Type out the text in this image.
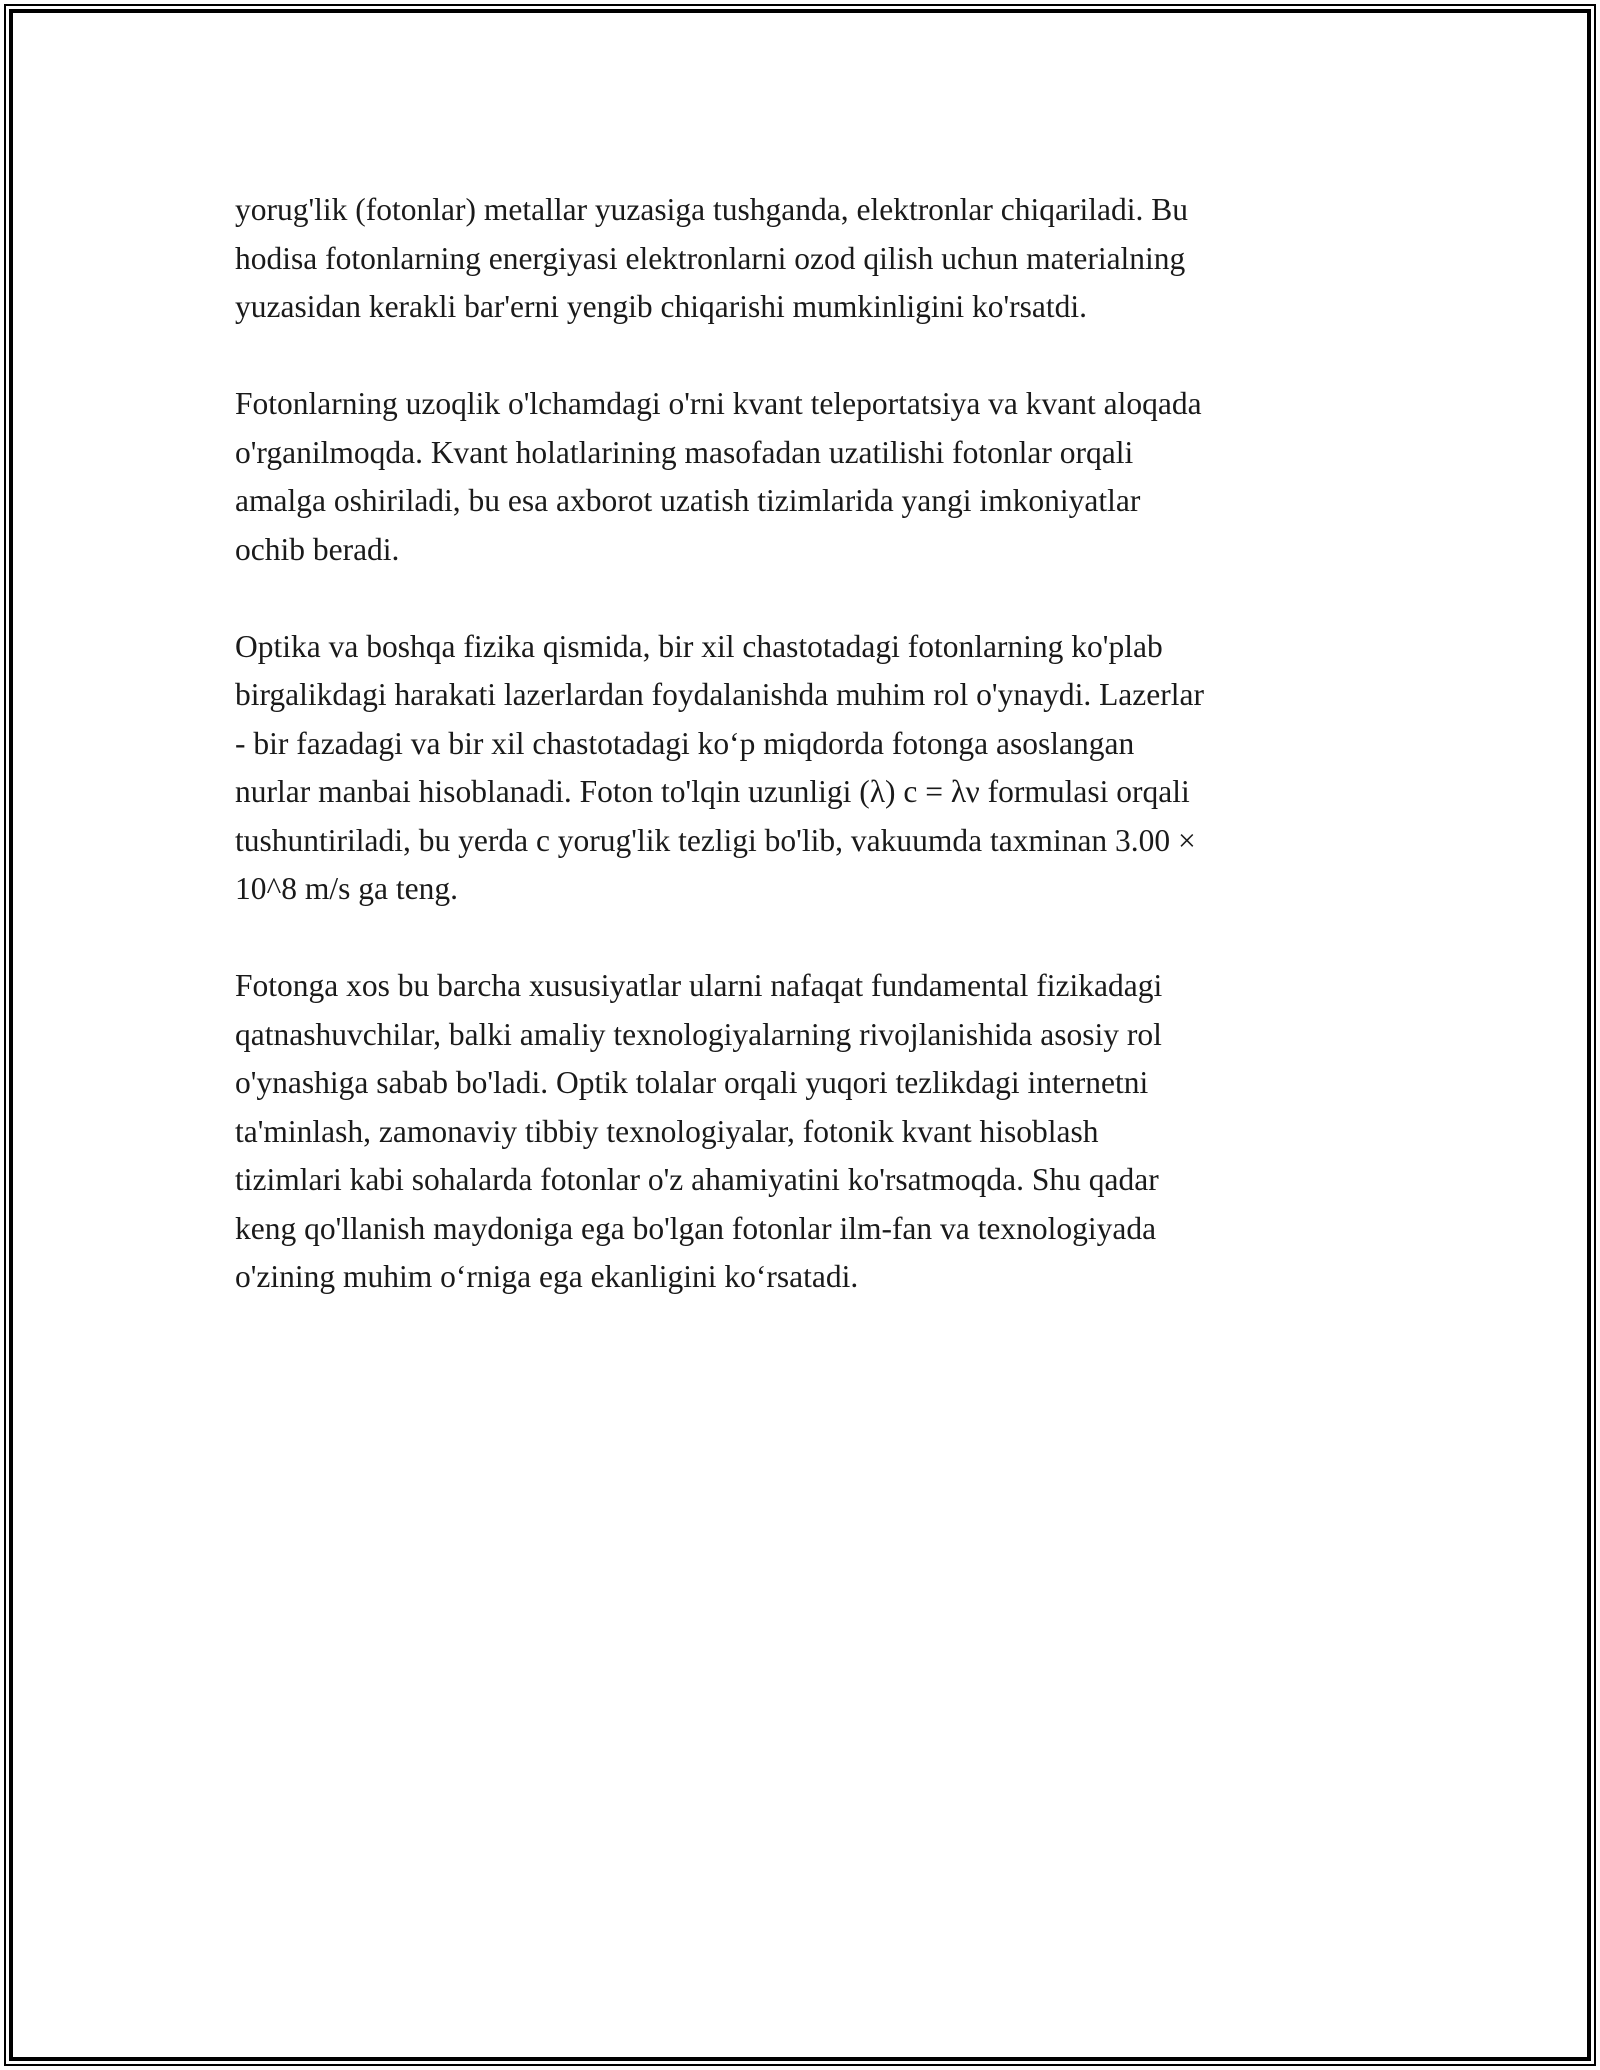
yorug'lik (fotonlar) metallar yuzasiga tushganda, elektronlar chiqariladi. Bu
hodisa fotonlarning energiyasi elektronlarni ozod qilish uchun materialning
yuzasidan kerakli bar'erni yengib chiqarishi mumkinligini ko'rsatdi.

Fotonlarning uzoqlik o'lchamdagi o'rni kvant teleportatsiya va kvant aloqada
o'rganilmoqda. Kvant holatlarining masofadan uzatilishi fotonlar orqali
amalga oshiriladi, bu esa axborot uzatish tizimlarida yangi imkoniyatlar
ochib beradi.

Optika va boshqa fizika qismida, bir xil chastotadagi fotonlarning ko'plab
birgalikdagi harakati lazerlardan foydalanishda muhim rol o'ynaydi. Lazerlar
- bir fazadagi va bir xil chastotadagi ko‘p miqdorda fotonga asoslangan
nurlar manbai hisoblanadi. Foton to'lqin uzunligi (λ) c = λν formulasi orqali
tushuntiriladi, bu yerda c yorug'lik tezligi bo'lib, vakuumda taxminan 3.00 ×
10^8 m/s ga teng.

Fotonga xos bu barcha xususiyatlar ularni nafaqat fundamental fizikadagi
qatnashuvchilar, balki amaliy texnologiyalarning rivojlanishida asosiy rol
o'ynashiga sabab bo'ladi. Optik tolalar orqali yuqori tezlikdagi internetni
ta'minlash, zamonaviy tibbiy texnologiyalar, fotonik kvant hisoblash
tizimlari kabi sohalarda fotonlar o'z ahamiyatini ko'rsatmoqda. Shu qadar
keng qo'llanish maydoniga ega bo'lgan fotonlar ilm-fan va texnologiyada
o'zining muhim o‘rniga ega ekanligini ko‘rsatadi.
